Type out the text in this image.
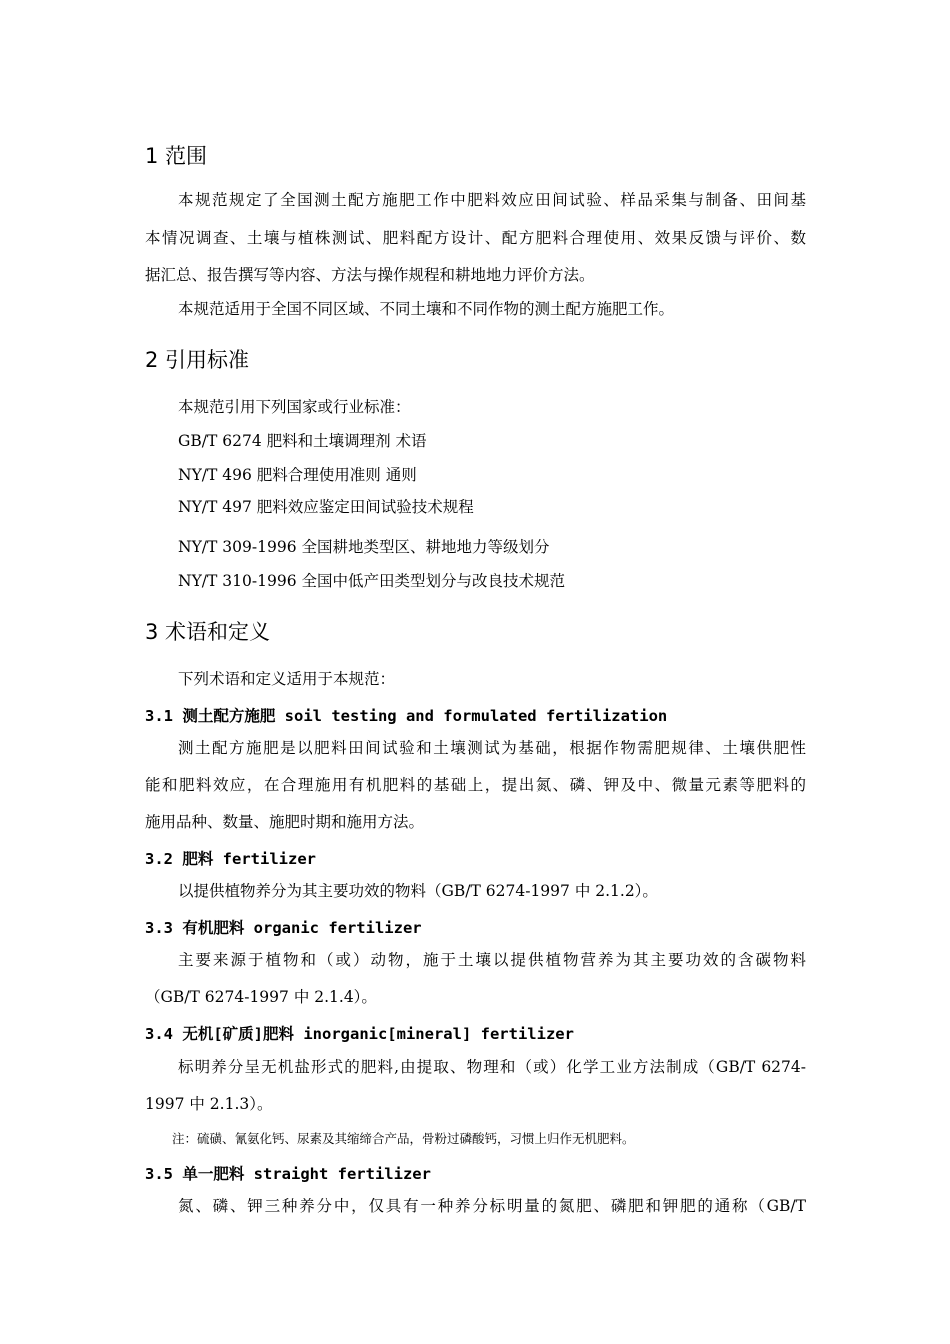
1 范围
本规范规定了全国测土配方施肥工作中肥料效应田间试验、样品采集与制备、田间基
本情况调查、土壤与植株测试、肥料配方设计、配方肥料合理使用、效果反馈与评价、数
据汇总、报告撰写等内容、方法与操作规程和耕地地力评价方法。
本规范适用于全国不同区域、不同土壤和不同作物的测土配方施肥工作。
2 引用标准
本规范引用下列国家或行业标准：
GB/T 6274 肥料和土壤调理剂 术语
NY/T 496 肥料合理使用准则 通则
NY/T 497 肥料效应鉴定田间试验技术规程
NY/T 309-1996 全国耕地类型区、耕地地力等级划分
NY/T 310-1996 全国中低产田类型划分与改良技术规范
3 术语和定义
下列术语和定义适用于本规范：
3.1 测土配方施肥 soil testing and formulated fertilization
测土配方施肥是以肥料田间试验和土壤测试为基础，根据作物需肥规律、土壤供肥性
能和肥料效应，在合理施用有机肥料的基础上，提出氮、磷、钾及中、微量元素等肥料的
施用品种、数量、施肥时期和施用方法。
3.2 肥料 fertilizer
以提供植物养分为其主要功效的物料（GB/T 6274-1997 中 2.1.2）。
3.3 有机肥料 organic fertilizer
主要来源于植物和（或）动物，施于土壤以提供植物营养为其主要功效的含碳物料
（GB/T 6274-1997 中 2.1.4）。
3.4 无机[矿质]肥料 inorganic[mineral] fertilizer
标明养分呈无机盐形式的肥料,由提取、物理和（或）化学工业方法制成（GB/T 6274-
1997 中 2.1.3）。
注：硫磺、氰氨化钙、尿素及其缩缔合产品，骨粉过磷酸钙，习惯上归作无机肥料。
3.5 单一肥料 straight fertilizer
氮、磷、钾三种养分中，仅具有一种养分标明量的氮肥、磷肥和钾肥的通称（GB/T
